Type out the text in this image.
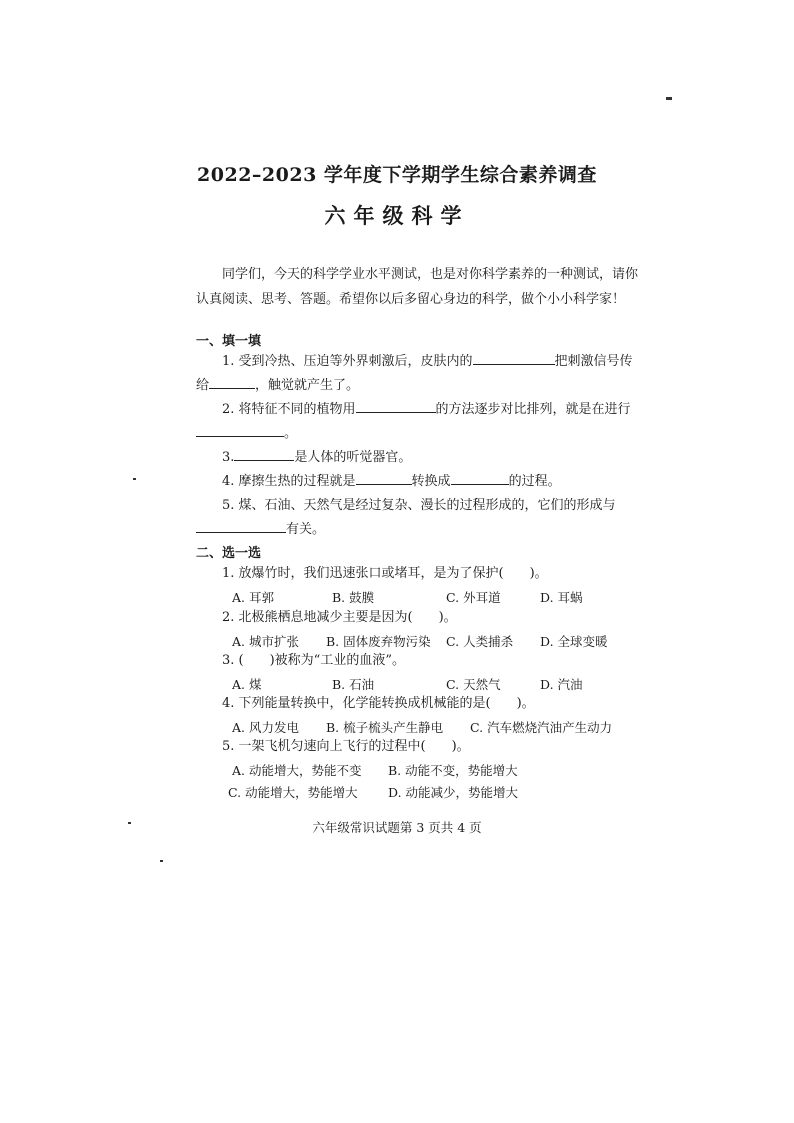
2022–2023 学年度下学期学生综合素养调查
六年级科学
同学们，今天的科学学业水平测试，也是对你科学素养的一种测试，请你
认真阅读、思考、答题。希望你以后多留心身边的科学，做个小小科学家！
一、填一填
1. 受到冷热、压迫等外界刺激后，皮肤内的	把刺激信号传
给	，触觉就产生了。
2. 将特征不同的植物用	的方法逐步对比排列，就是在进行
。
3.	是人体的听觉器官。
4. 摩擦生热的过程就是	转换成	的过程。
5. 煤、石油、天然气是经过复杂、漫长的过程形成的，它们的形成与
有关。
二、选一选
1. 放爆竹时，我们迅速张口或堵耳，是为了保护(　　)。
A. 耳郭	B. 鼓膜	C. 外耳道	D. 耳蜗
2. 北极熊栖息地减少主要是因为(　　)。
A. 城市扩张 B. 固体废弃物污染 C. 人类捕杀 D. 全球变暖
3. (　　)被称为“工业的血液”。
A. 煤	B. 石油	C. 天然气	D. 汽油
4. 下列能量转换中，化学能转换成机械能的是(　　)。
A. 风力发电 B. 梳子梳头产生静电 C. 汽车燃烧汽油产生动力
5. 一架飞机匀速向上飞行的过程中(　　)。
A. 动能增大，势能不变 B. 动能不变，势能增大
C. 动能增大，势能增大 D. 动能减少，势能增大
六年级常识试题第 3 页共 4 页
